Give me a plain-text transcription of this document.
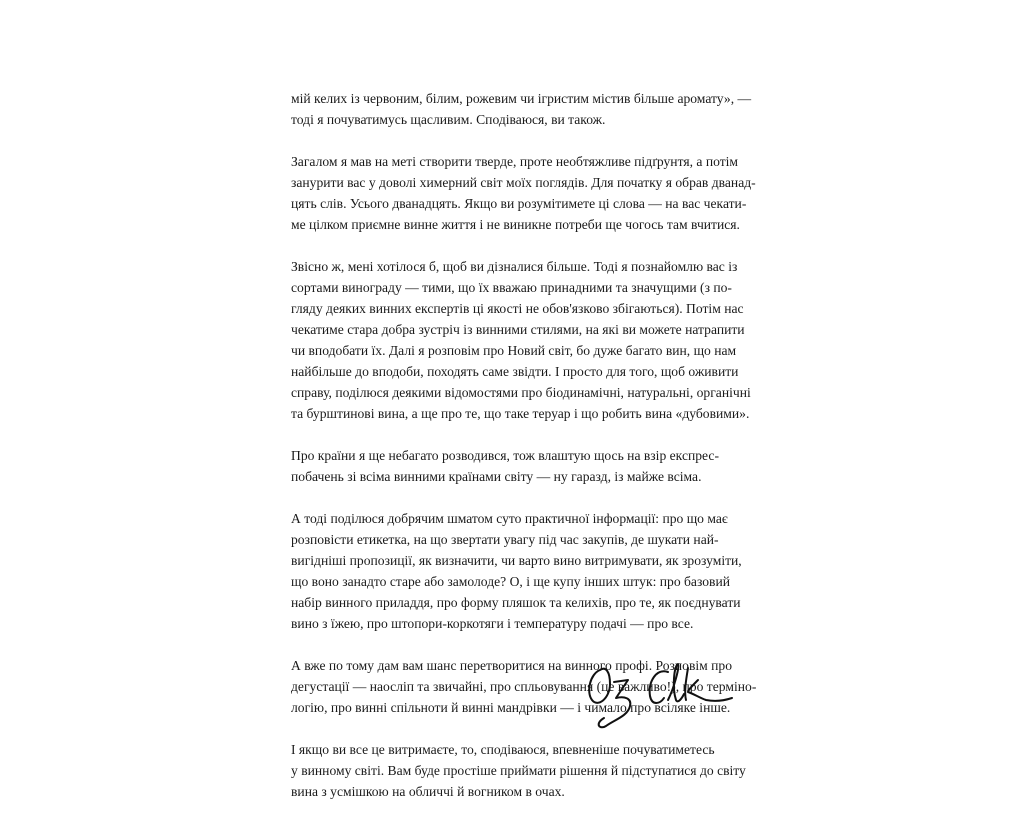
мій келих із червоним, білим, рожевим чи ігристим містив більше аромату», —
тоді я почуватимусь щасливим. Сподіваюся, ви також.

Загалом я мав на меті створити тверде, проте необтяжливе підґрунтя, а потім
занурити вас у доволі химерний світ моїх поглядів. Для початку я обрав дванад-
цять слів. Усього дванадцять. Якщо ви розумітимете ці слова — на вас чекати-
ме цілком приємне винне життя і не виникне потреби ще чогось там вчитися.

Звісно ж, мені хотілося б, щоб ви дізналися більше. Тоді я познайомлю вас із
сортами винограду — тими, що їх вважаю принадними та значущими (з по-
гляду деяких винних експертів ці якості не обов'язково збігаються). Потім нас
чекатиме стара добра зустріч із винними стилями, на які ви можете натрапити
чи вподобати їх. Далі я розповім про Новий світ, бо дуже багато вин, що нам
найбільше до вподоби, походять саме звідти. І просто для того, щоб оживити
справу, поділюся деякими відомостями про біодинамічні, натуральні, органічні
та бурштинові вина, а ще про те, що таке теруар і що робить вина «дубовими».

Про країни я ще небагато розводився, тож влаштую щось на взір експрес-
побачень зі всіма винними країнами світу — ну гаразд, із майже всіма.

А тоді поділюся добрячим шматом суто практичної інформації: про що має
розповісти етикетка, на що звертати увагу під час закупів, де шукати най-
вигідніші пропозиції, як визначити, чи варто вино витримувати, як зрозуміти,
що воно занадто старе або замолоде? О, і ще купу інших штук: про базовий
набір винного приладдя, про форму пляшок та келихів, про те, як поєднувати
вино з їжею, про штопори-коркотяги і температуру подачі — про все.

А вже по тому дам вам шанс перетворитися на винного профі. Розповім про
дегустації — наосліп та звичайні, про спльовування (це важливо!), про терміно-
логію, про винні спільноти й винні мандрівки — і чимало про всіляке інше.

І якщо ви все це витримаєте, то, сподіваюся, впевненіше почуватиметесь
у винному світі. Вам буде простіше приймати рішення й підступатися до світу
вина з усмішкою на обличчі й вогником в очах.
